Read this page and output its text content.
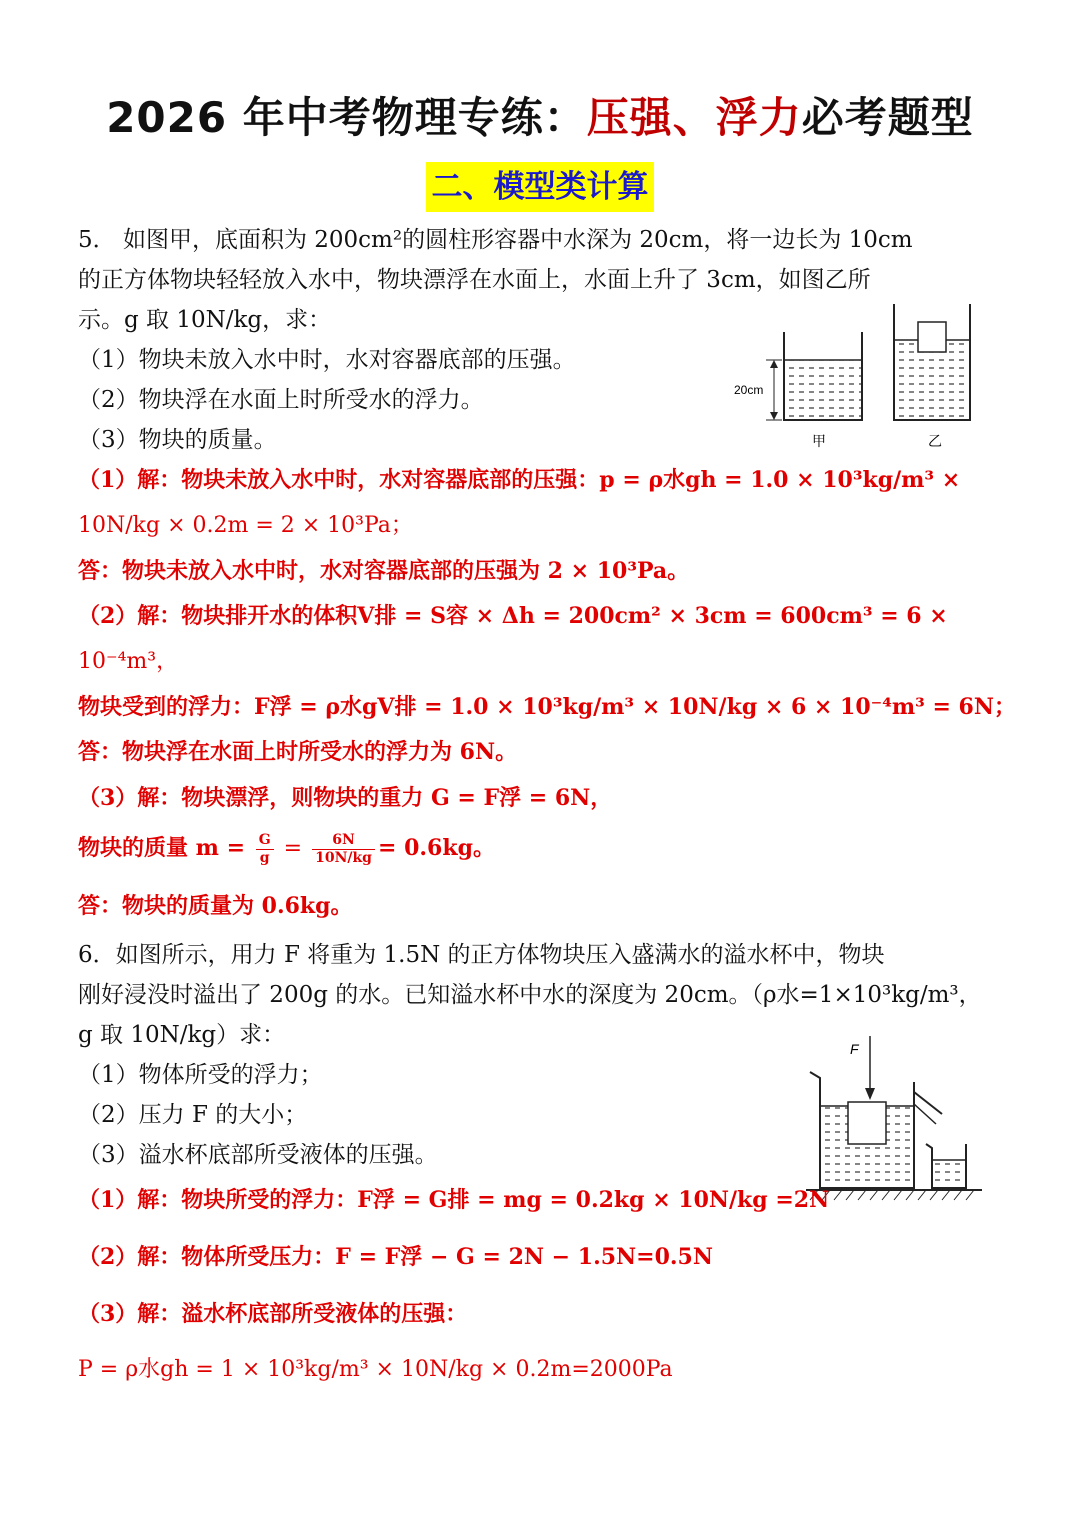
2026 年中考物理专练：压强、浮力必考题型
二、模型类计算
5． 如图甲，底面积为 200cm²的圆柱形容器中水深为 20cm，将一边长为 10cm
的正方体物块轻轻放入水中，物块漂浮在水面上，水面上升了 3cm，如图乙所
示。g 取 10N/kg，求：
（1）物块未放入水中时，水对容器底部的压强。
（2）物块浮在水面上时所受水的浮力。
（3）物块的质量。
20cm
甲	乙
（1）解：物块未放入水中时，水对容器底部的压强：p = ρ水gh = 1.0 × 10³kg/m³ ×
10N/kg × 0.2m = 2 × 10³Pa；
答：物块未放入水中时，水对容器底部的压强为 2 × 10³Pa。
（2）解：物块排开水的体积V排 = S容 × Δh = 200cm² × 3cm = 600cm³ = 6 ×
10⁻⁴m³，
物块受到的浮力：F浮 = ρ水gV排 = 1.0 × 10³kg/m³ × 10N/kg × 6 × 10⁻⁴m³ = 6N；
答：物块浮在水面上时所受水的浮力为 6N。
（3）解：物块漂浮，则物块的重力 G = F浮 = 6N，
物块的质量 $m = \frac{G}{g} = \frac{6N}{10N/kg} = 0.6kg$。
答：物块的质量为 0.6kg。
6．如图所示，用力 F 将重为 1.5N 的正方体物块压入盛满水的溢水杯中，物块
刚好浸没时溢出了 200g 的水。已知溢水杯中水的深度为 20cm。（ρ水=1×10³kg/m³，
g 取 10N/kg）求：
（1）物体所受的浮力；
（2）压力 F 的大小；
（3）溢水杯底部所受液体的压强。
F
（1）解：物块所受的浮力：F浮 = G排 = mg = 0.2kg × 10N/kg =2N
（2）解：物体所受压力：F = F浮 − G = 2N − 1.5N=0.5N
（3）解：溢水杯底部所受液体的压强：
P = ρ水gh = 1 × 10³kg/m³ × 10N/kg × 0.2m=2000Pa
